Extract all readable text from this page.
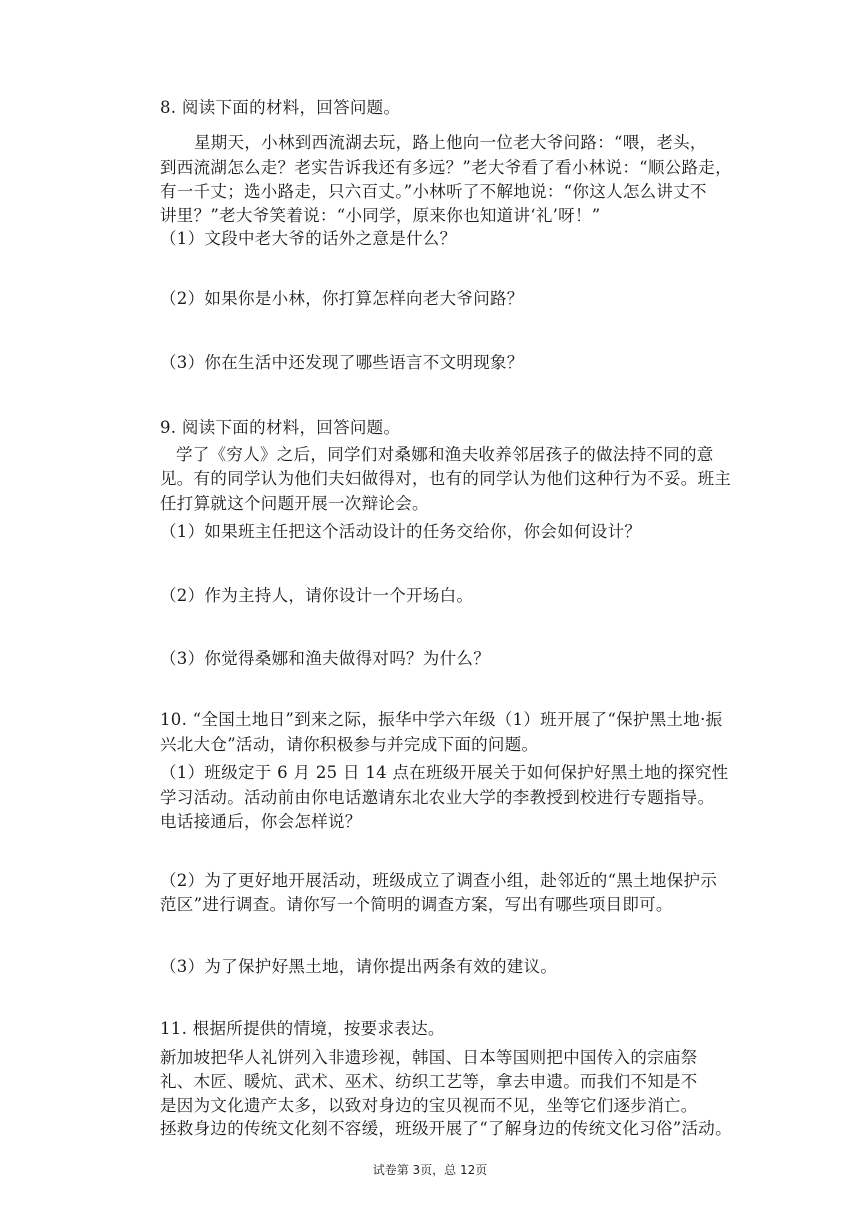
8. 阅读下面的材料，回答问题。
星期天，小林到西流湖去玩，路上他向一位老大爷问路：“喂，老头，
到西流湖怎么走？老实告诉我还有多远？”老大爷看了看小林说：“顺公路走，
有一千丈；选小路走，只六百丈。”小林听了不解地说：“你这人怎么讲丈不
讲里？”老大爷笑着说：“小同学，原来你也知道讲‘礼’呀！”
（1）文段中老大爷的话外之意是什么？
（2）如果你是小林，你打算怎样向老大爷问路？
（3）你在生活中还发现了哪些语言不文明现象？
9. 阅读下面的材料，回答问题。
学了《穷人》之后，同学们对桑娜和渔夫收养邻居孩子的做法持不同的意
见。有的同学认为他们夫妇做得对，也有的同学认为他们这种行为不妥。班主
任打算就这个问题开展一次辩论会。
（1）如果班主任把这个活动设计的任务交给你，你会如何设计？
（2）作为主持人，请你设计一个开场白。
（3）你觉得桑娜和渔夫做得对吗？为什么？
10. “全国土地日”到来之际，振华中学六年级（1）班开展了“保护黑土地·振
兴北大仓”活动，请你积极参与并完成下面的问题。
（1）班级定于 6 月 25 日 14 点在班级开展关于如何保护好黑土地的探究性
学习活动。活动前由你电话邀请东北农业大学的李教授到校进行专题指导。
电话接通后，你会怎样说？
（2）为了更好地开展活动，班级成立了调查小组，赴邻近的“黑土地保护示
范区”进行调查。请你写一个简明的调查方案，写出有哪些项目即可。
（3）为了保护好黑土地，请你提出两条有效的建议。
11. 根据所提供的情境，按要求表达。
新加坡把华人礼饼列入非遗珍视，韩国、日本等国则把中国传入的宗庙祭
礼、木匠、暖炕、武术、巫术、纺织工艺等，拿去申遗。而我们不知是不
是因为文化遗产太多，以致对身边的宝贝视而不见，坐等它们逐步消亡。
拯救身边的传统文化刻不容缓，班级开展了“了解身边的传统文化习俗”活动。
试卷第 3页，总 12页
